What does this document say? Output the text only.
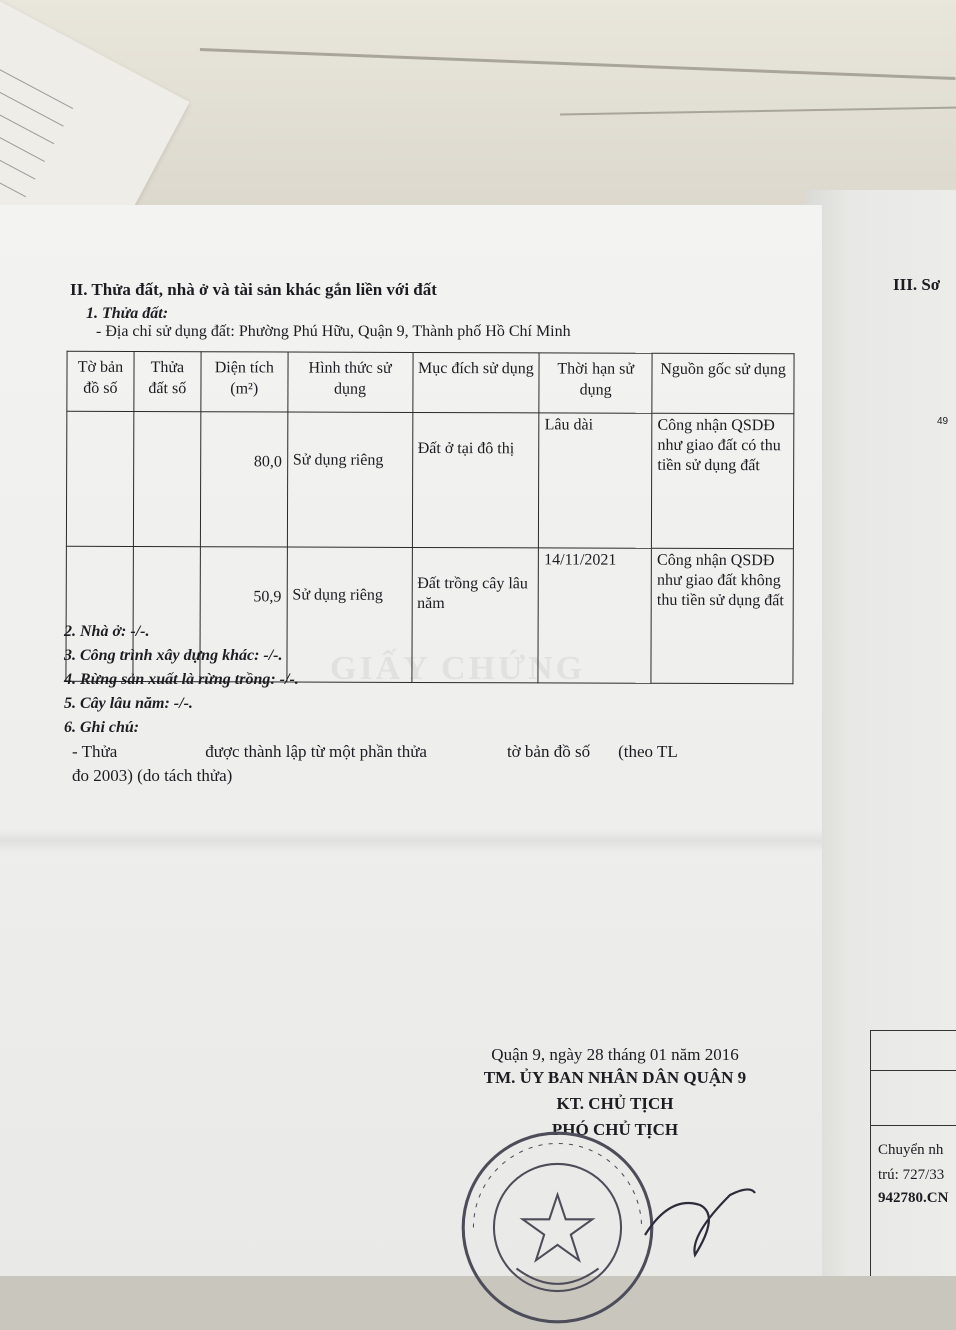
GIẤY CHỨNG
II. Thửa đất, nhà ở và tài sản khác gắn liền với đất
1. Thửa đất:
- Địa chỉ sử dụng đất: Phường Phú Hữu, Quận 9, Thành phố Hồ Chí Minh
Tờ bản đồ số	Thửa đất số	Diện tích (m²)	Hình thức sử dụng	Mục đích sử dụng	Thời hạn sử dụng	Nguồn gốc sử dụng
		80,0	Sử dụng riêng	Đất ở tại đô thị	Lâu dài	Công nhận QSDĐ như giao đất có thu tiền sử dụng đất
		50,9	Sử dụng riêng	Đất trồng cây lâu năm	14/11/2021	Công nhận QSDĐ như giao đất không thu tiền sử dụng đất
2. Nhà ở: -/-.
3. Công trình xây dựng khác: -/-.
4. Rừng sản xuất là rừng trồng: -/-.
5. Cây lâu năm: -/-.
6. Ghi chú:
- Thửa	được thành lập từ một phần thửa	tờ bản đồ số (theo TL
đo 2003) (do tách thửa)
Quận 9, ngày 28 tháng 01 năm 2016
TM. ỦY BAN NHÂN DÂN QUẬN 9
KT. CHỦ TỊCH
PHÓ CHỦ TỊCH
III. Sơ
49
Chuyển nh
trú: 727/33
942780.CN
